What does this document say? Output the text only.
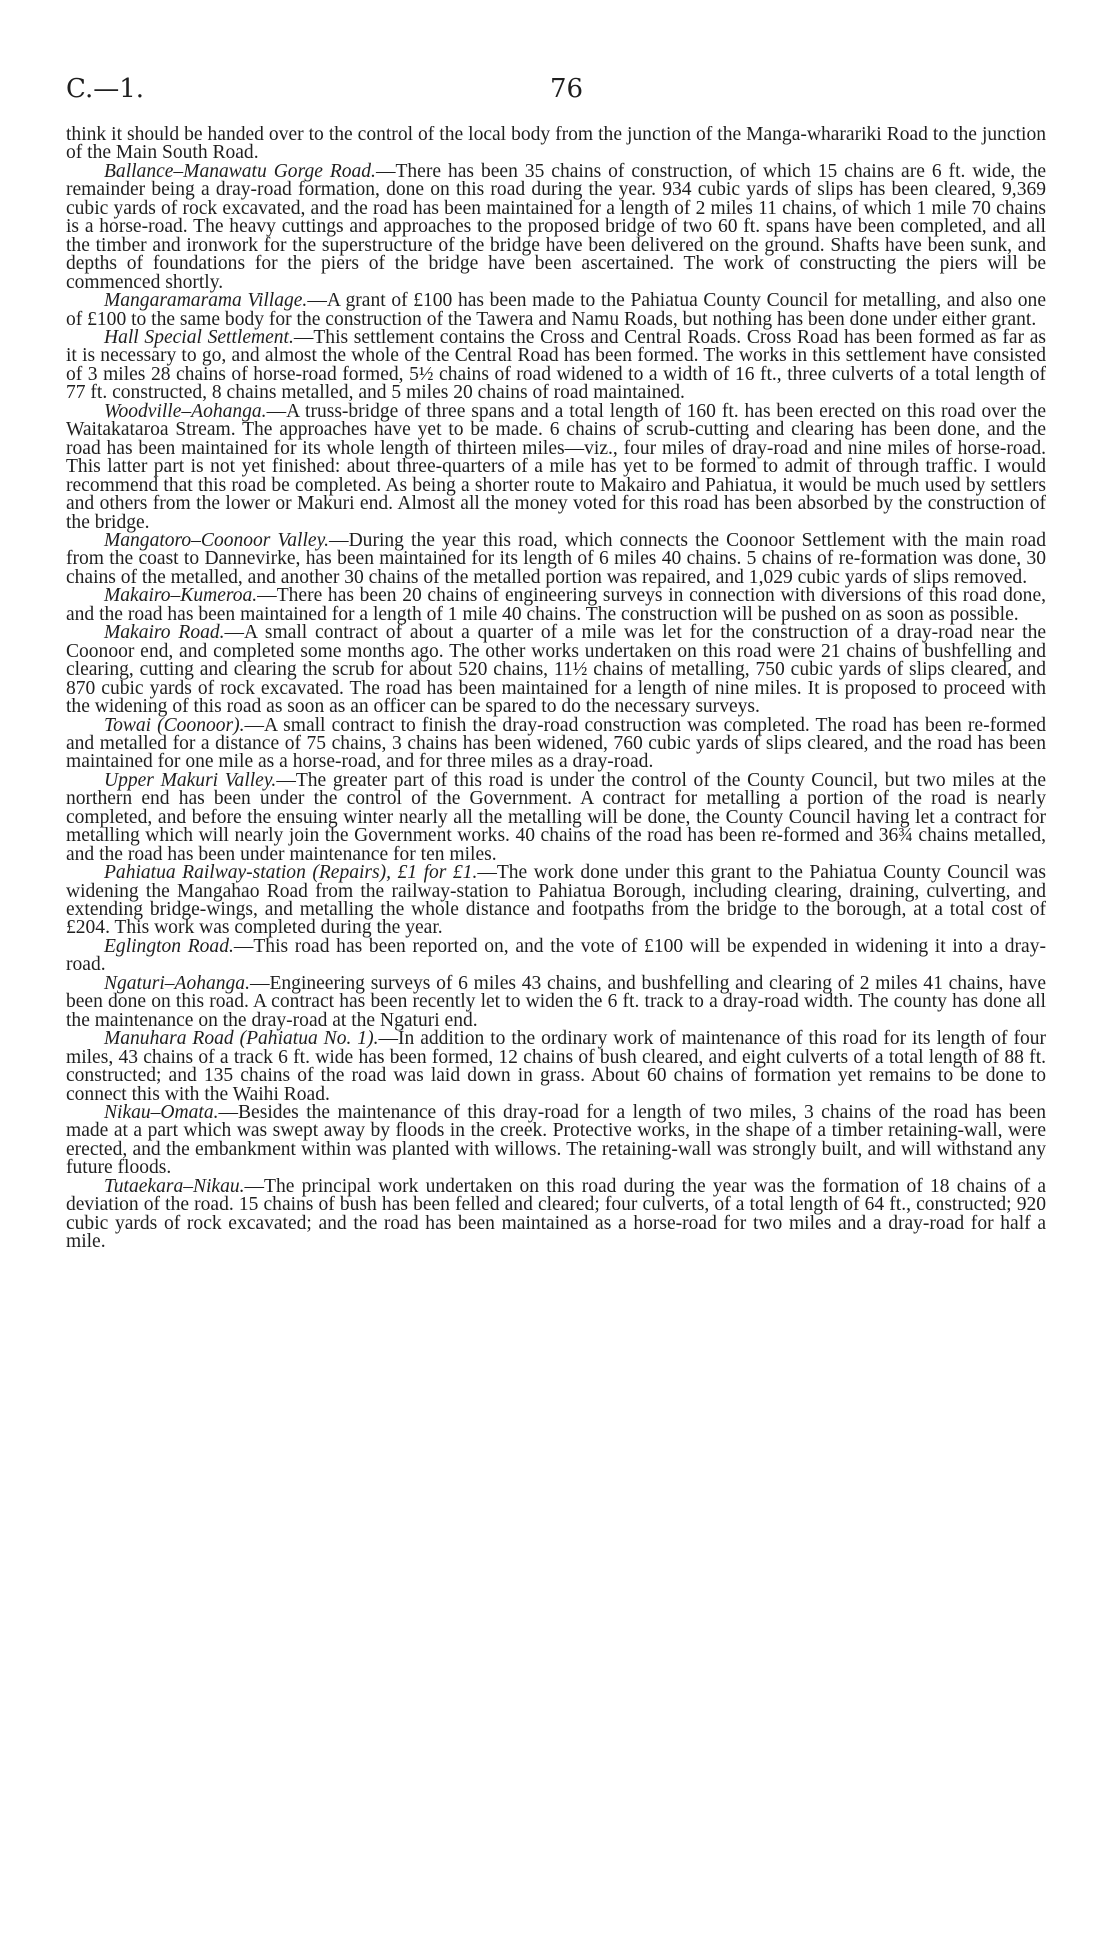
C.—1.	76

think it should be handed over to the control of the local body from the junction of the Manga-whararikі Road to the junction of the Main South Road.

Ballance–Manawatu Gorge Road.—There has been 35 chains of construction, of which 15 chains are 6 ft. wide, the remainder being a dray-road formation, done on this road during the year. 934 cubic yards of slips has been cleared, 9,369 cubic yards of rock excavated, and the road has been maintained for a length of 2 miles 11 chains, of which 1 mile 70 chains is a horse-road. The heavy cuttings and approaches to the proposed bridge of two 60 ft. spans have been completed, and all the timber and ironwork for the superstructure of the bridge have been delivered on the ground. Shafts have been sunk, and depths of foundations for the piers of the bridge have been ascertained. The work of constructing the piers will be commenced shortly.

Mangaramarama Village.—A grant of £100 has been made to the Pahiatua County Council for metalling, and also one of £100 to the same body for the construction of the Tawera and Namu Roads, but nothing has been done under either grant.

Hall Special Settlement.—This settlement contains the Cross and Central Roads. Cross Road has been formed as far as it is necessary to go, and almost the whole of the Central Road has been formed. The works in this settlement have consisted of 3 miles 28 chains of horse-road formed, 5½ chains of road widened to a width of 16 ft., three culverts of a total length of 77 ft. constructed, 8 chains metalled, and 5 miles 20 chains of road maintained.

Woodville–Aohanga.—A truss-bridge of three spans and a total length of 160 ft. has been erected on this road over the Waitakataroa Stream. The approaches have yet to be made. 6 chains of scrub-cutting and clearing has been done, and the road has been maintained for its whole length of thirteen miles—viz., four miles of dray-road and nine miles of horse-road. This latter part is not yet finished: about three-quarters of a mile has yet to be formed to admit of through traffic. I would recommend that this road be completed. As being a shorter route to Makairo and Pahiatua, it would be much used by settlers and others from the lower or Makuri end. Almost all the money voted for this road has been absorbed by the construction of the bridge.

Mangatoro–Coonoor Valley.—During the year this road, which connects the Coonoor Settlement with the main road from the coast to Dannevirke, has been maintained for its length of 6 miles 40 chains. 5 chains of re-formation was done, 30 chains of the metalled, and another 30 chains of the metalled portion was repaired, and 1,029 cubic yards of slips removed.

Makairo–Kumeroa.—There has been 20 chains of engineering surveys in connection with diversions of this road done, and the road has been maintained for a length of 1 mile 40 chains. The construction will be pushed on as soon as possible.

Makairo Road.—A small contract of about a quarter of a mile was let for the construction of a dray-road near the Coonoor end, and completed some months ago. The other works undertaken on this road were 21 chains of bushfelling and clearing, cutting and clearing the scrub for about 520 chains, 11½ chains of metalling, 750 cubic yards of slips cleared, and 870 cubic yards of rock excavated. The road has been maintained for a length of nine miles. It is proposed to proceed with the widening of this road as soon as an officer can be spared to do the necessary surveys.

Towai (Coonoor).—A small contract to finish the dray-road construction was completed. The road has been re-formed and metalled for a distance of 75 chains, 3 chains has been widened, 760 cubic yards of slips cleared, and the road has been maintained for one mile as a horse-road, and for three miles as a dray-road.

Upper Makuri Valley.—The greater part of this road is under the control of the County Council, but two miles at the northern end has been under the control of the Government. A contract for metalling a portion of the road is nearly completed, and before the ensuing winter nearly all the metalling will be done, the County Council having let a contract for metalling which will nearly join the Government works. 40 chains of the road has been re-formed and 36¾ chains metalled, and the road has been under maintenance for ten miles.

Pahiatua Railway-station (Repairs), £1 for £1.—The work done under this grant to the Pahiatua County Council was widening the Mangahao Road from the railway-station to Pahiatua Borough, including clearing, draining, culverting, and extending bridge-wings, and metalling the whole distance and footpaths from the bridge to the borough, at a total cost of £204. This work was completed during the year.

Eglington Road.—This road has been reported on, and the vote of £100 will be expended in widening it into a dray-road.

Ngaturi–Aohanga.—Engineering surveys of 6 miles 43 chains, and bushfelling and clearing of 2 miles 41 chains, have been done on this road. A contract has been recently let to widen the 6 ft. track to a dray-road width. The county has done all the maintenance on the dray-road at the Ngaturi end.

Manuhara Road (Pahiatua No. 1).—In addition to the ordinary work of maintenance of this road for its length of four miles, 43 chains of a track 6 ft. wide has been formed, 12 chains of bush cleared, and eight culverts of a total length of 88 ft. constructed; and 135 chains of the road was laid down in grass. About 60 chains of formation yet remains to be done to connect this with the Waihi Road.

Nikau–Omata.—Besides the maintenance of this dray-road for a length of two miles, 3 chains of the road has been made at a part which was swept away by floods in the creek. Protective works, in the shape of a timber retaining-wall, were erected, and the embankment within was planted with willows. The retaining-wall was strongly built, and will withstand any future floods.

Tutaekara–Nikau.—The principal work undertaken on this road during the year was the formation of 18 chains of a deviation of the road. 15 chains of bush has been felled and cleared; four culverts, of a total length of 64 ft., constructed; 920 cubic yards of rock excavated; and the road has been maintained as a horse-road for two miles and a dray-road for half a mile.
